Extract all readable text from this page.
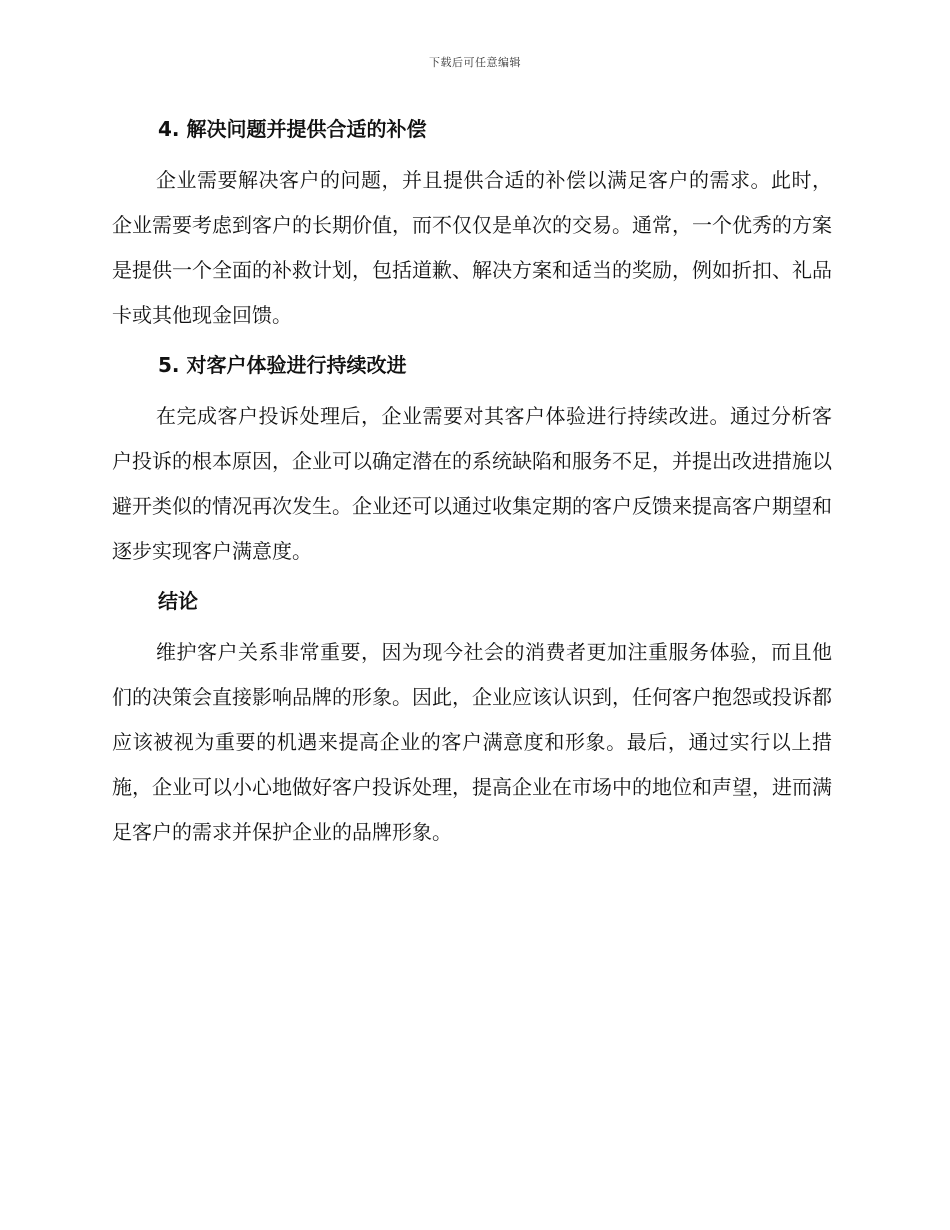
下载后可任意编辑
4. 解决问题并提供合适的补偿

企业需要解决客户的问题，并且提供合适的补偿以满足客户的需求。此时，企业需要考虑到客户的长期价值，而不仅仅是单次的交易。通常，一个优秀的方案是提供一个全面的补救计划，包括道歉、解决方案和适当的奖励，例如折扣、礼品卡或其他现金回馈。

5. 对客户体验进行持续改进

在完成客户投诉处理后，企业需要对其客户体验进行持续改进。通过分析客户投诉的根本原因，企业可以确定潜在的系统缺陷和服务不足，并提出改进措施以避开类似的情况再次发生。企业还可以通过收集定期的客户反馈来提高客户期望和逐步实现客户满意度。

结论

维护客户关系非常重要，因为现今社会的消费者更加注重服务体验，而且他们的决策会直接影响品牌的形象。因此，企业应该认识到，任何客户抱怨或投诉都应该被视为重要的机遇来提高企业的客户满意度和形象。最后，通过实行以上措施，企业可以小心地做好客户投诉处理，提高企业在市场中的地位和声望，进而满足客户的需求并保护企业的品牌形象。
